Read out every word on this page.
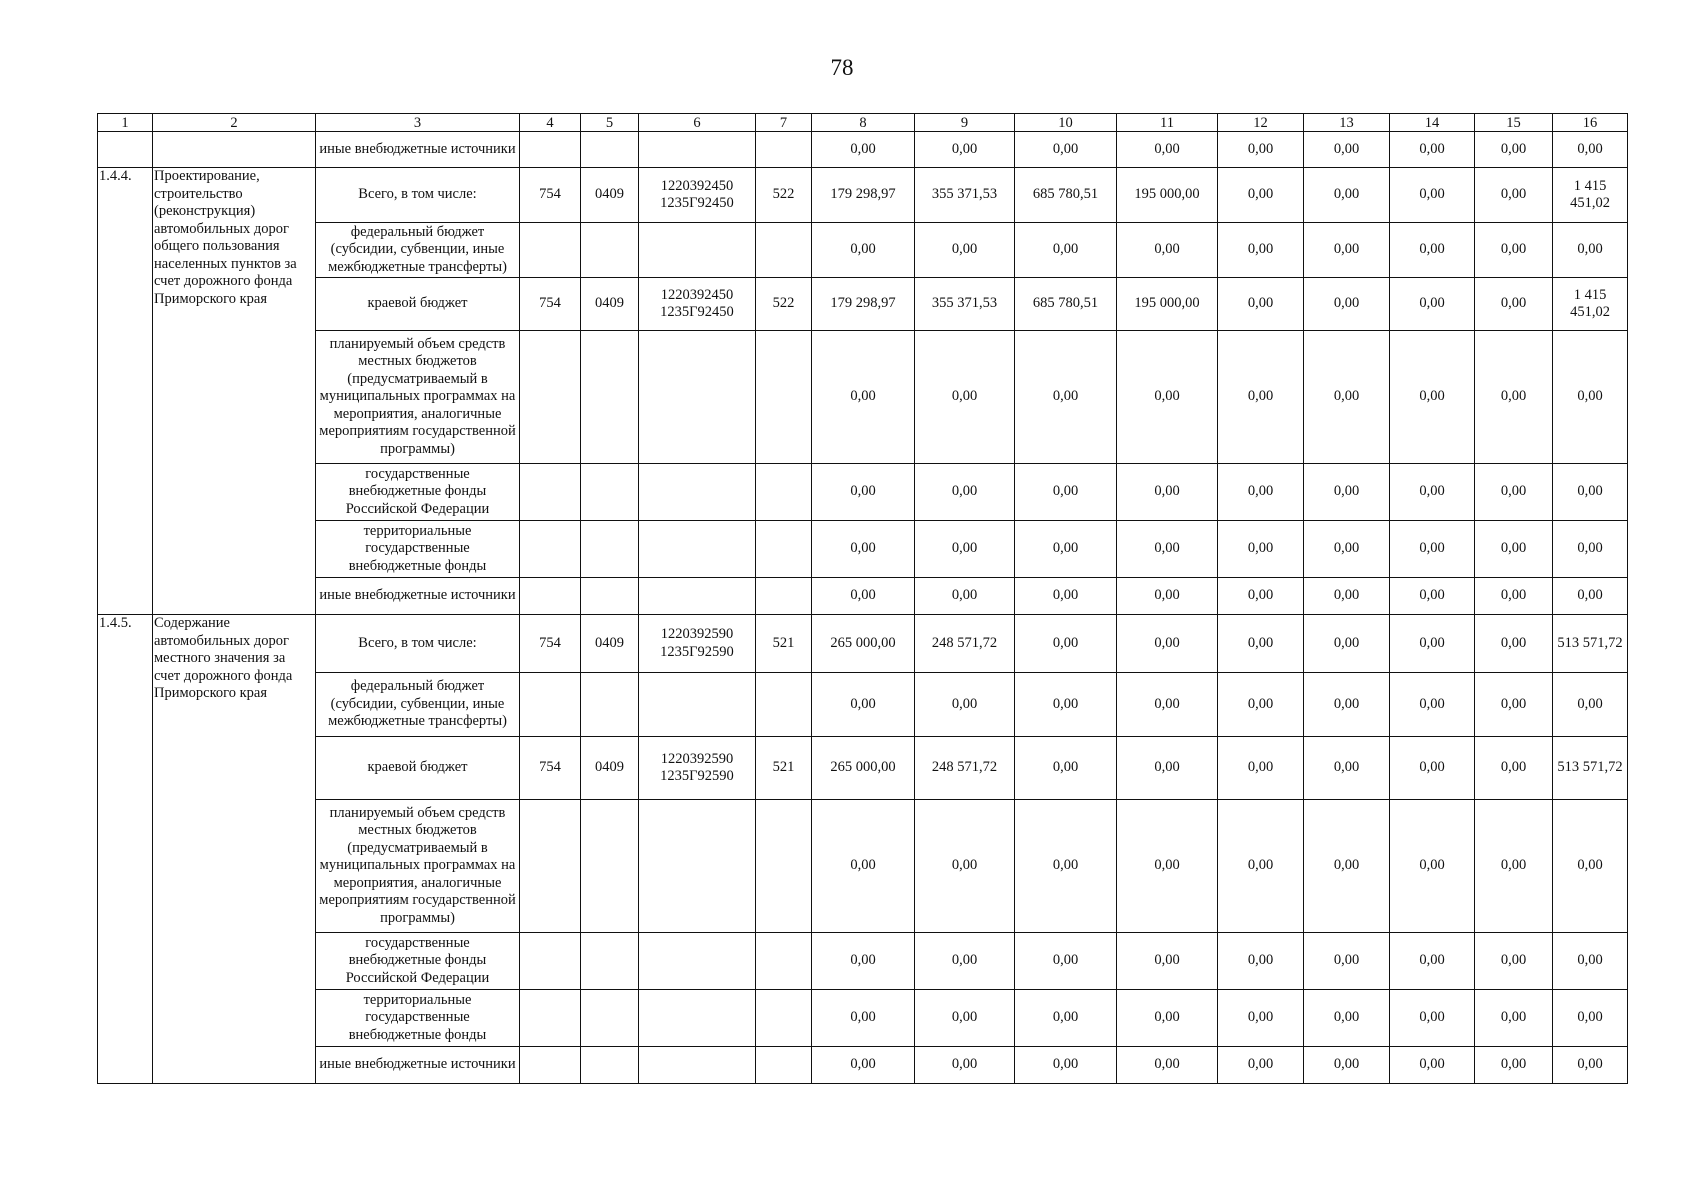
78
1	2	3	4	5	6	7	8	9	10	11	12	13	14	15	16
		иные внебюджетные источники					0,00	0,00	0,00	0,00	0,00	0,00	0,00	0,00	0,00
1.4.4.	Проектирование, строительство (реконструкция) автомобильных дорог общего пользования населенных пунктов за счет дорожного фонда Приморского края	Всего, в том числе:	754	0409	1220392450 1235Г92450	522	179 298,97	355 371,53	685 780,51	195 000,00	0,00	0,00	0,00	0,00	1 415 451,02
		федеральный бюджет (субсидии, субвенции, иные межбюджетные трансферты)					0,00	0,00	0,00	0,00	0,00	0,00	0,00	0,00	0,00
		краевой бюджет	754	0409	1220392450 1235Г92450	522	179 298,97	355 371,53	685 780,51	195 000,00	0,00	0,00	0,00	0,00	1 415 451,02
		планируемый объем средств местных бюджетов (предусматриваемый в муниципальных программах на мероприятия, аналогичные мероприятиям государственной программы)					0,00	0,00	0,00	0,00	0,00	0,00	0,00	0,00	0,00
		государственные внебюджетные фонды Российской Федерации					0,00	0,00	0,00	0,00	0,00	0,00	0,00	0,00	0,00
		территориальные государственные внебюджетные фонды					0,00	0,00	0,00	0,00	0,00	0,00	0,00	0,00	0,00
		иные внебюджетные источники					0,00	0,00	0,00	0,00	0,00	0,00	0,00	0,00	0,00
1.4.5.	Содержание автомобильных дорог местного значения за счет дорожного фонда Приморского края	Всего, в том числе:	754	0409	1220392590 1235Г92590	521	265 000,00	248 571,72	0,00	0,00	0,00	0,00	0,00	0,00	513 571,72
		федеральный бюджет (субсидии, субвенции, иные межбюджетные трансферты)					0,00	0,00	0,00	0,00	0,00	0,00	0,00	0,00	0,00
		краевой бюджет	754	0409	1220392590 1235Г92590	521	265 000,00	248 571,72	0,00	0,00	0,00	0,00	0,00	0,00	513 571,72
		планируемый объем средств местных бюджетов (предусматриваемый в муниципальных программах на мероприятия, аналогичные мероприятиям государственной программы)					0,00	0,00	0,00	0,00	0,00	0,00	0,00	0,00	0,00
		государственные внебюджетные фонды Российской Федерации					0,00	0,00	0,00	0,00	0,00	0,00	0,00	0,00	0,00
		территориальные государственные внебюджетные фонды					0,00	0,00	0,00	0,00	0,00	0,00	0,00	0,00	0,00
		иные внебюджетные источники					0,00	0,00	0,00	0,00	0,00	0,00	0,00	0,00	0,00
